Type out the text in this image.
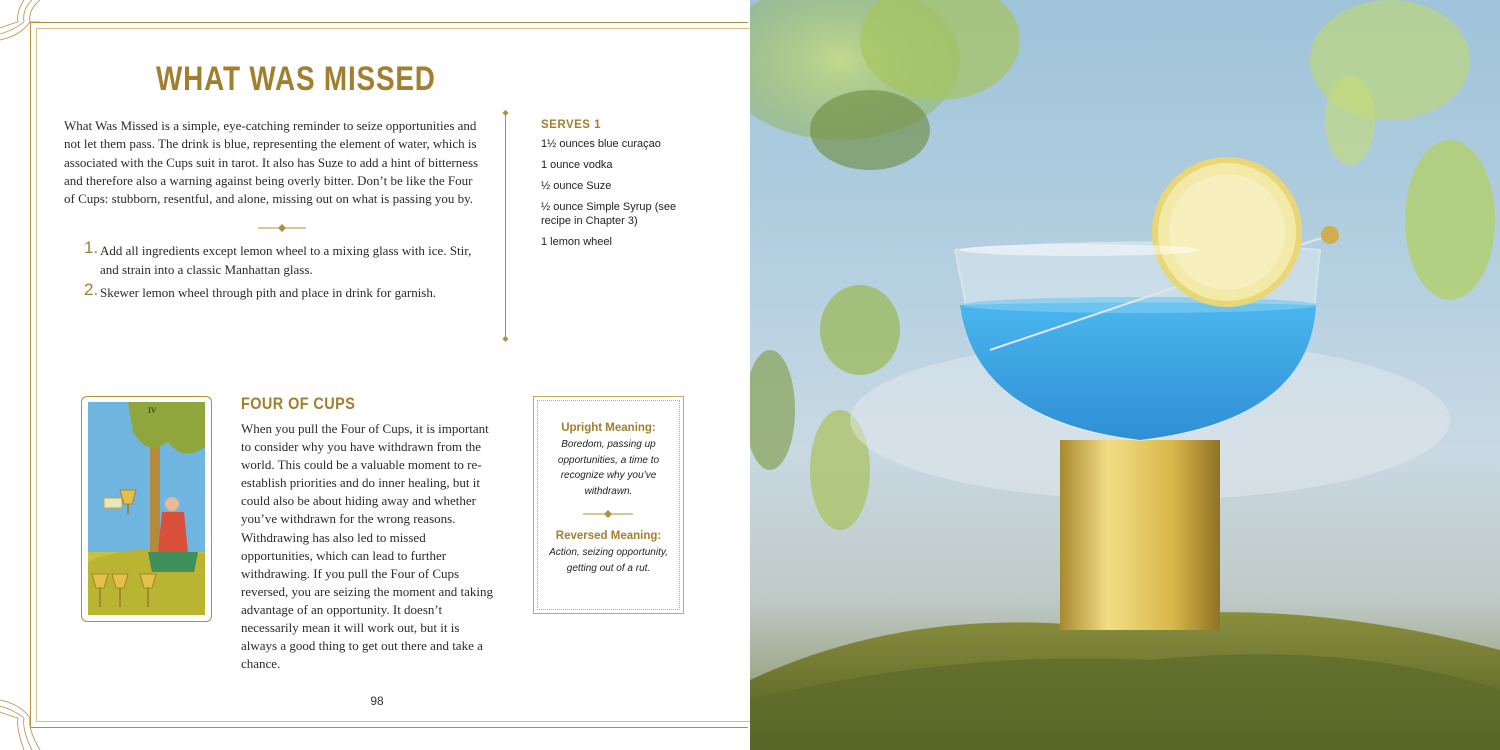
WHAT WAS MISSED
What Was Missed is a simple, eye-catching reminder to seize opportunities and not let them pass. The drink is blue, representing the element of water, which is associated with the Cups suit in tarot. It also has Suze to add a hint of bitterness and therefore also a warning against being overly bitter. Don’t be like the Four of Cups: stubborn, resentful, and alone, missing out on what is passing you by.
1. Add all ingredients except lemon wheel to a mixing glass with ice. Stir, and strain into a classic Manhattan glass.
2. Skewer lemon wheel through pith and place in drink for garnish.
◆
◆
SERVES 1
1½ ounces blue curaçao
1 ounce vodka
½ ounce Suze
½ ounce Simple Syrup (see recipe in Chapter 3)
1 lemon wheel
IV	FOUR OF CUPS
When you pull the Four of Cups, it is important to consider why you have withdrawn from the world. This could be a valuable moment to re-establish priorities and do inner healing, but it could also be about hiding away and whether you’ve withdrawn for the wrong reasons. Withdrawing has also led to missed opportunities, which can lead to further withdrawing. If you pull the Four of Cups reversed, you are seizing the moment and taking advantage of an opportunity. It doesn’t necessarily mean it will work out, but it is always a good thing to get out there and take a chance.
Upright Meaning:
Boredom, passing up opportunities, a time to recognize why you’ve withdrawn.
Reversed Meaning:
Action, seizing opportunity, getting out of a rut.
98
